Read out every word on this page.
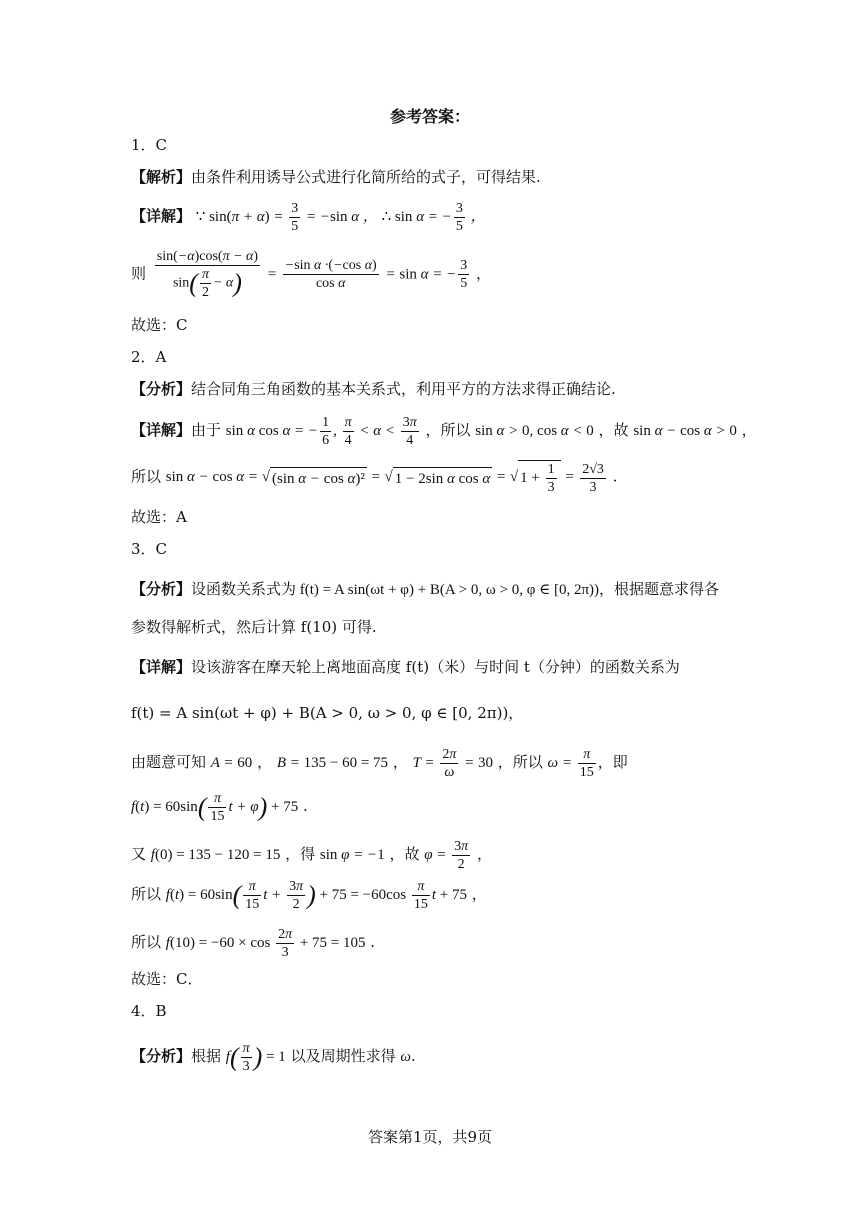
参考答案：
1．C
【解析】由条件利用诱导公式进行化简所给的式子，可得结果.
【详解】 ∵ $\sin(\pi + \alpha) = \frac{3}{5} = -\sin$ α ， ∴ sin α = − $\frac{3}{5}$ ，
则 $\frac{\sin(-\alpha)\cos(\pi - \alpha)}{\sin( \frac{\pi}{2} - \alpha)} = \frac{\text{−sin α ·(−cos α)}}{\text{cos α}} = \sin \alpha$ = − $\frac{3}{5}$ ，
故选：C
2．A
【分析】结合同角三角函数的基本关系式，利用平方的方法求得正确结论.
【详解】由于 sin α cos α = − $\frac{1}{6}$ , $\frac{\pi}{4} < \alpha < \frac{3\pi}{4}$ ，所以 sin α > 0, cos α < 0 ，故 sin α − cos α > 0 ，
所以 sin α − cos α = √ (sin α − cos α)² = √ 1 − 2sin α cos α = √ $1 + \frac{1}{3} = \frac{2√3}{3}$ .
故选：A
3．C
【分析】设函数关系式为 f(t) = A sin(ωt + φ) + B(A > 0, ω > 0, φ ∈ [0, 2π))，根据题意求得各
参数得解析式，然后计算 f(10) 可得.
【详解】设该游客在摩天轮上离地面高度 f(t)（米）与时间 t（分钟）的函数关系为
f(t) = A sin(ωt + φ) + B(A > 0, ω > 0, φ ∈ [0, 2π))，
由题意可知 A = 60 ， B = 135 − 60 = 75 ， $T = \frac{2\pi}{\omega} = 30$ ，所以 $\omega = \frac{\pi}{15}$ ，即
$f(t) = 60\sin( \frac{\pi}{15}$ t + φ) + 75 .
又 f(0) = 135 − 120 = 15 ，得 sin φ = −1 ，故 $\varphi = \frac{3\pi}{2}$ ，
所以 $f(t) = 60\sin( \frac{\pi}{15}$ $t + \frac{3\pi}{2}$ ) + $75 = -60\cos \frac{\pi}{15}$ t + 75 ，
所以 $f(10) = -60 \times \cos \frac{2\pi}{3} + 75 = 105$ .
故选：C．
4．B
【分析】根据 $f( \frac{\pi}{3}$ ) = 1 以及周期性求得 ω.
答案第1页，共9页
